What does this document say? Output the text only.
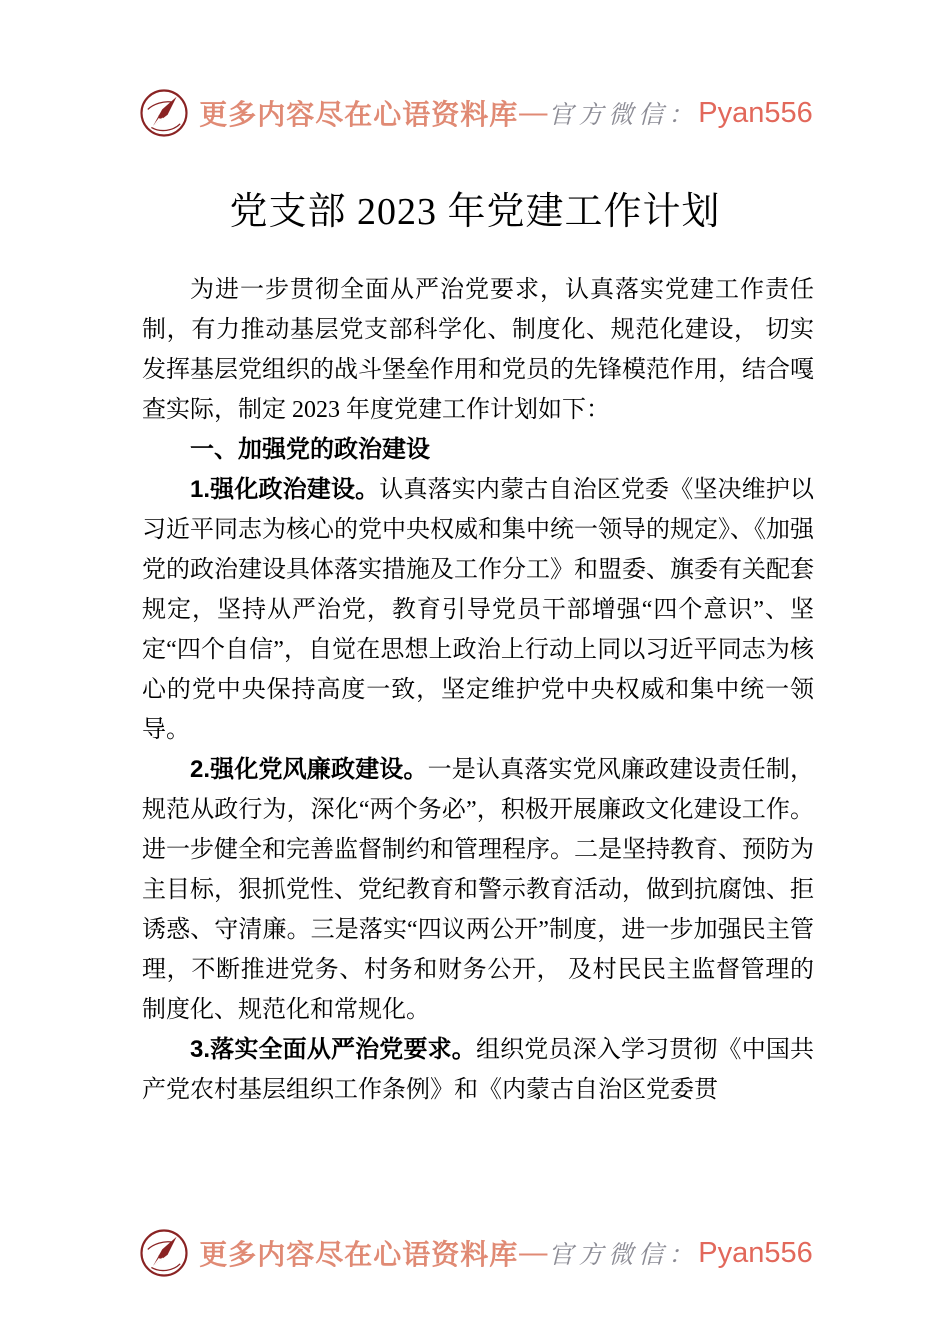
更多内容尽在心语资料库 — 官方微信： Pyan556
党支部 2023 年党建工作计划
为进一步贯彻全面从严治党要求，认真落实党建工作责任制，有力推动基层党支部科学化、制度化、规范化建设， 切实发挥基层党组织的战斗堡垒作用和党员的先锋模范作用，结合嘎查实际，制定 2023 年度党建工作计划如下：
一、加强党的政治建设
1.强化政治建设。认真落实内蒙古自治区党委《坚决维护以习近平同志为核心的党中央权威和集中统一领导的规定》、《加强党的政治建设具体落实措施及工作分工》和盟委、旗委有关配套规定，坚持从严治党，教育引导党员干部增强“四个意识”、坚定“四个自信”，自觉在思想上政治上行动上同以习近平同志为核心的党中央保持高度一致，坚定维护党中央权威和集中统一领导。
2.强化党风廉政建设。一是认真落实党风廉政建设责任制，规范从政行为，深化“两个务必”，积极开展廉政文化建设工作。进一步健全和完善监督制约和管理程序。二是坚持教育、预防为主目标，狠抓党性、党纪教育和警示教育活动，做到抗腐蚀、拒诱惑、守清廉。三是落实“四议两公开”制度，进一步加强民主管理，不断推进党务、村务和财务公开， 及村民民主监督管理的制度化、规范化和常规化。
3.落实全面从严治党要求。组织党员深入学习贯彻《中国共产党农村基层组织工作条例》和《内蒙古自治区党委贯
更多内容尽在心语资料库 — 官方微信： Pyan556
